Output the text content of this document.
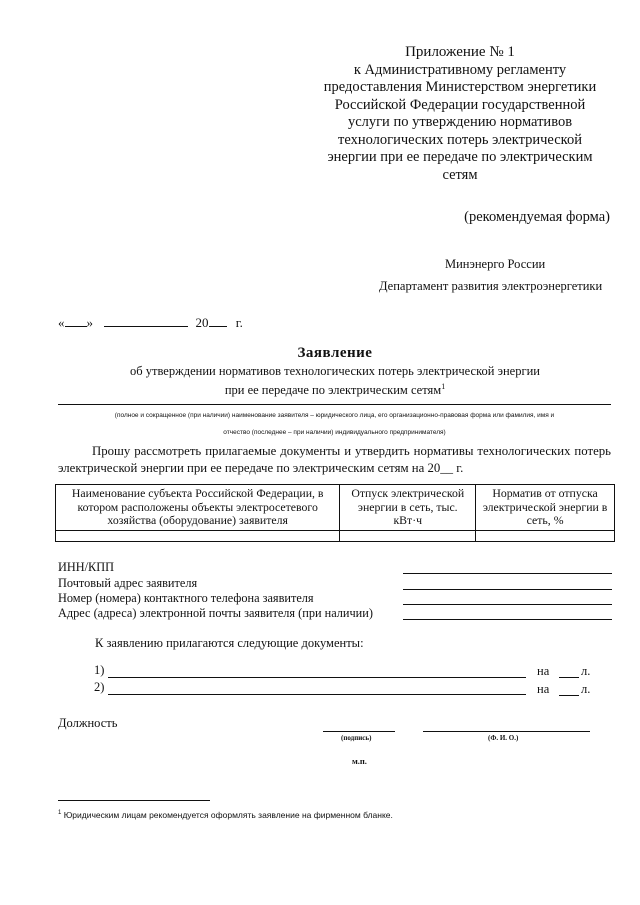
Приложение № 1
к Административному регламенту
предоставления Министерством энергетики
Российской Федерации государственной
услуги по утверждению нормативов
технологических потерь электрической
энергии при ее передаче по электрическим
сетям
(рекомендуемая форма)
Минэнерго России
Департамент развития электроэнергетики
« »	20 г.
Заявление
об утверждении нормативов технологических потерь электрической энергии
при ее передаче по электрическим сетям$^1$
(полное и сокращенное (при наличии) наименование заявителя – юридического лица, его организационно-правовая форма или фамилия, имя и
отчество (последнее – при наличии) индивидуального предпринимателя)
Прошу рассмотреть прилагаемые документы и утвердить нормативы технологических потерь электрической энергии при ее передаче по электрическим сетям на 20__ г.
Наименование субъекта Российской Федерации, в котором расположены объекты электросетевого хозяйства (оборудование) заявителя	Отпуск электрической энергии в сеть, тыс. кВт·ч	Норматив от отпуска электрической энергии в сеть, %

ИНН/КПП
Почтовый адрес заявителя
Номер (номера) контактного телефона заявителя
Адрес (адреса) электронной почты заявителя (при наличии)
К заявлению прилагаются следующие документы:
1)	на	л.
2)	на	л.
Должность
(подпись)	(Ф. И. О.)
м.п.
$^1$ Юридическим лицам рекомендуется оформлять заявление на фирменном бланке.
